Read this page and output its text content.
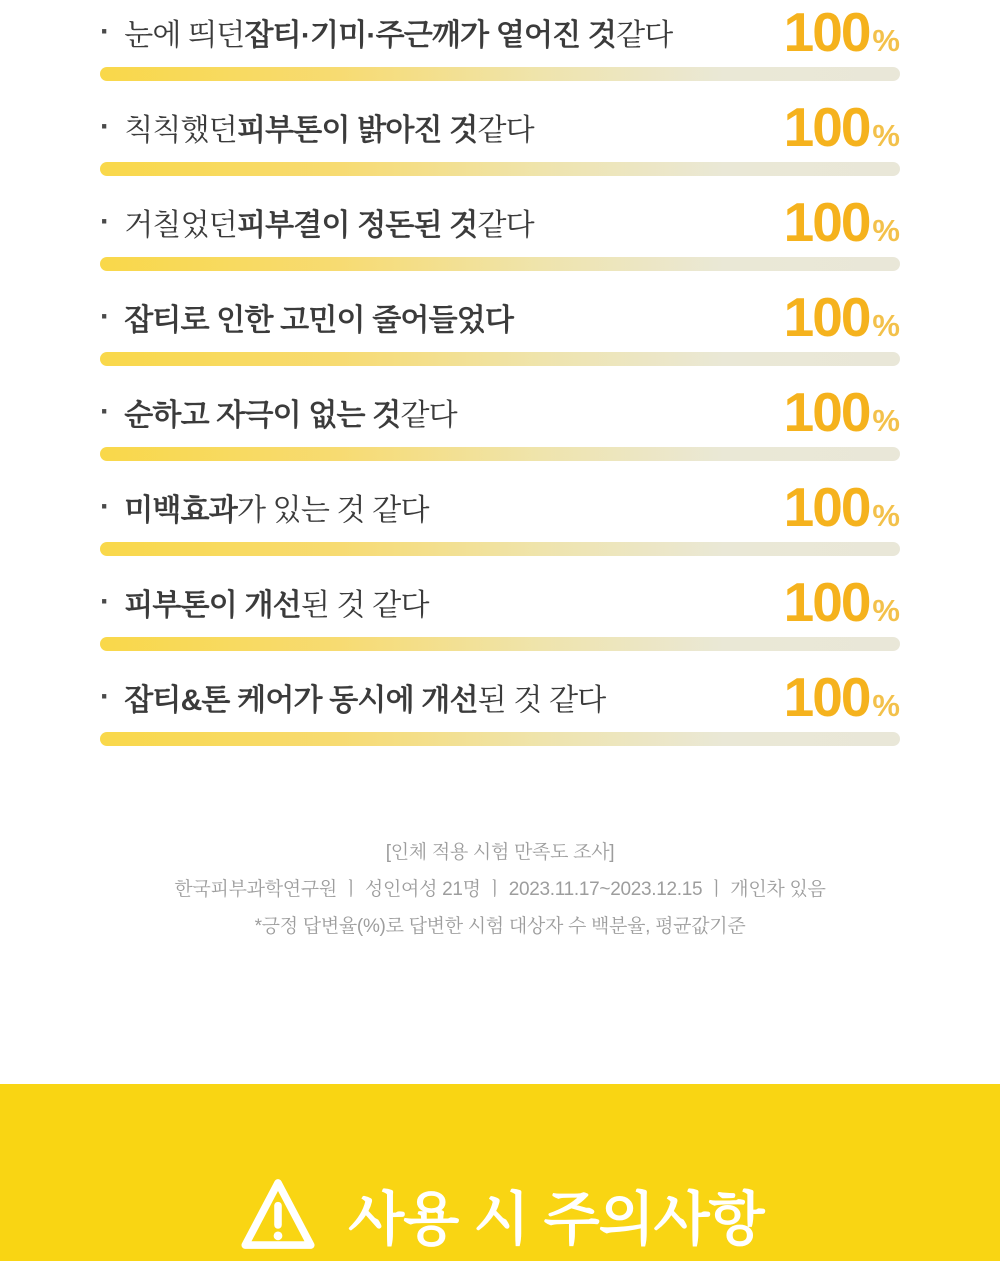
· 눈에 띄던 잡티·기미·주근깨가 옅어진 것 같다 100 %
· 칙칙했던 피부톤이 밝아진 것 같다	100 %
· 거칠었던 피부결이 정돈된 것 같다	100 %
· 잡티로 인한 고민이 줄어들었다	100 %
· 순하고 자극이 없는 것 같다	100 %
· 미백효과 가 있는 것 같다	100 %
· 피부톤이 개선 된 것 같다	100 %
· 잡티&톤 케어가 동시에 개선 된 것 같다	100 %
[인체 적용 시험 만족도 조사]
한국피부과학연구원 ㅣ 성인여성 21명 ㅣ 2023.11.17~2023.12.15 ㅣ 개인차 있음
*긍정 답변율(%)로 답변한 시험 대상자 수 백분율, 평균값기준
사용 시 주의사항
